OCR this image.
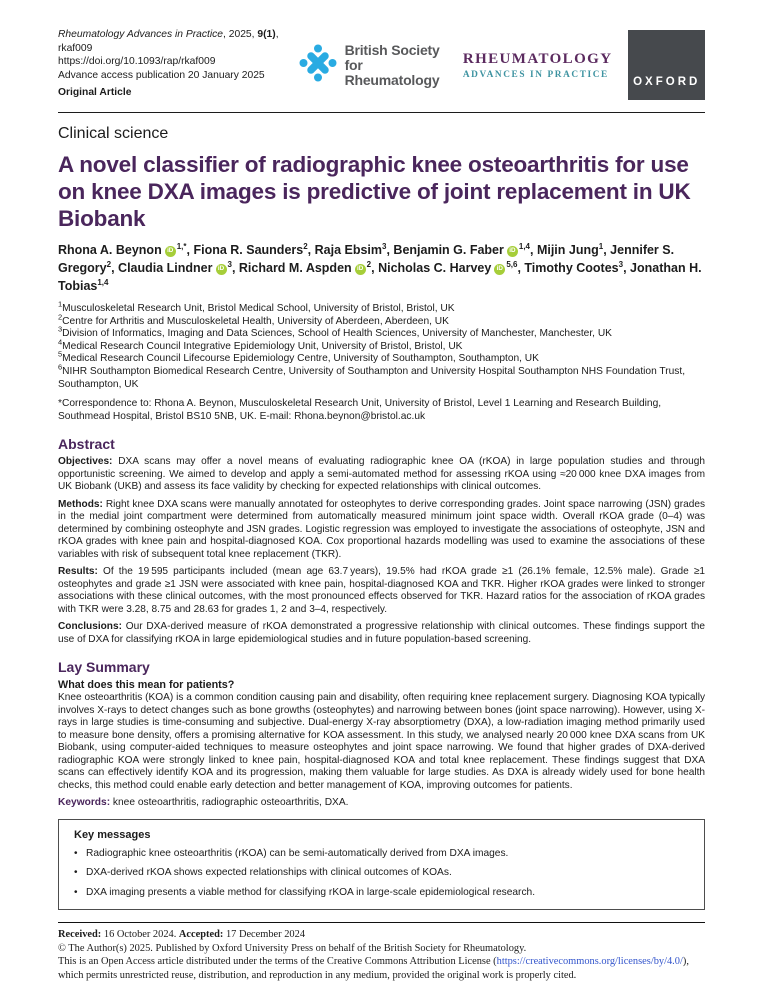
Rheumatology Advances in Practice, 2025, 9(1), rkaf009
https://doi.org/10.1093/rap/rkaf009
Advance access publication 20 January 2025
Original Article
British Society for
Rheumatology
RHEUMATOLOGY
ADVANCES IN PRACTICE
OXFORD
Clinical science
A novel classifier of radiographic knee osteoarthritis for use on knee DXA images is predictive of joint replacement in UK Biobank
Rhona A. Beynon iD $^{1,*}$, Fiona R. Saunders$^2$, Raja Ebsim$^3$, Benjamin G. Faber iD $^{1,4}$, Mijin Jung$^1$, Jennifer S. Gregory$^2$, Claudia Lindner iD $^3$, Richard M. Aspden iD $^2$, Nicholas C. Harvey iD $^{5,6}$, Timothy Cootes$^3$, Jonathan H. Tobias$^{1,4}$
$^1$Musculoskeletal Research Unit, Bristol Medical School, University of Bristol, Bristol, UK
$^2$Centre for Arthritis and Musculoskeletal Health, University of Aberdeen, Aberdeen, UK
$^3$Division of Informatics, Imaging and Data Sciences, School of Health Sciences, University of Manchester, Manchester, UK
$^4$Medical Research Council Integrative Epidemiology Unit, University of Bristol, Bristol, UK
$^5$Medical Research Council Lifecourse Epidemiology Centre, University of Southampton, Southampton, UK
$^6$NIHR Southampton Biomedical Research Centre, University of Southampton and University Hospital Southampton NHS Foundation Trust, Southampton, UK
*Correspondence to: Rhona A. Beynon, Musculoskeletal Research Unit, University of Bristol, Level 1 Learning and Research Building, Southmead Hospital, Bristol BS10 5NB, UK. E-mail: Rhona.beynon@bristol.ac.uk
Abstract

Objectives: DXA scans may offer a novel means of evaluating radiographic knee OA (rKOA) in large population studies and through opportunistic screening. We aimed to develop and apply a semi-automated method for assessing rKOA using ≈20 000 knee DXA images from UK Biobank (UKB) and assess its face validity by checking for expected relationships with clinical outcomes.

Methods: Right knee DXA scans were manually annotated for osteophytes to derive corresponding grades. Joint space narrowing (JSN) grades in the medial joint compartment were determined from automatically measured minimum joint space width. Overall rKOA grade (0–4) was determined by combining osteophyte and JSN grades. Logistic regression was employed to investigate the associations of osteophyte, JSN and rKOA grades with knee pain and hospital-diagnosed KOA. Cox proportional hazards modelling was used to examine the associations of these variables with risk of subsequent total knee replacement (TKR).

Results: Of the 19 595 participants included (mean age 63.7 years), 19.5% had rKOA grade ≥1 (26.1% female, 12.5% male). Grade ≥1 osteophytes and grade ≥1 JSN were associated with knee pain, hospital-diagnosed KOA and TKR. Higher rKOA grades were linked to stronger associations with these clinical outcomes, with the most pronounced effects observed for TKR. Hazard ratios for the association of rKOA grades with TKR were 3.28, 8.75 and 28.63 for grades 1, 2 and 3–4, respectively.

Conclusions: Our DXA-derived measure of rKOA demonstrated a progressive relationship with clinical outcomes. These findings support the use of DXA for classifying rKOA in large epidemiological studies and in future population-based screening.

Lay Summary
What does this mean for patients?

Knee osteoarthritis (KOA) is a common condition causing pain and disability, often requiring knee replacement surgery. Diagnosing KOA typically involves X-rays to detect changes such as bone growths (osteophytes) and narrowing between bones (joint space narrowing). However, using X-rays in large studies is time-consuming and subjective. Dual-energy X-ray absorptiometry (DXA), a low-radiation imaging method primarily used to measure bone density, offers a promising alternative for KOA assessment. In this study, we analysed nearly 20 000 knee DXA scans from UK Biobank, using computer-aided techniques to measure osteophytes and joint space narrowing. We found that higher grades of DXA-derived radiographic KOA were strongly linked to knee pain, hospital-diagnosed KOA and total knee replacement. These findings suggest that DXA scans can effectively identify KOA and its progression, making them valuable for large studies. As DXA is already widely used for bone health checks, this method could enable early detection and better management of KOA, improving outcomes for patients.

Keywords: knee osteoarthritis, radiographic osteoarthritis, DXA.
Key messages
• Radiographic knee osteoarthritis (rKOA) can be semi-automatically derived from DXA images.
• DXA-derived rKOA shows expected relationships with clinical outcomes of KOAs.
• DXA imaging presents a viable method for classifying rKOA in large-scale epidemiological research.
Received: 16 October 2024. Accepted: 17 December 2024
© The Author(s) 2025. Published by Oxford University Press on behalf of the British Society for Rheumatology.
This is an Open Access article distributed under the terms of the Creative Commons Attribution License (https://creativecommons.org/licenses/by/4.0/), which permits unrestricted reuse, distribution, and reproduction in any medium, provided the original work is properly cited.
